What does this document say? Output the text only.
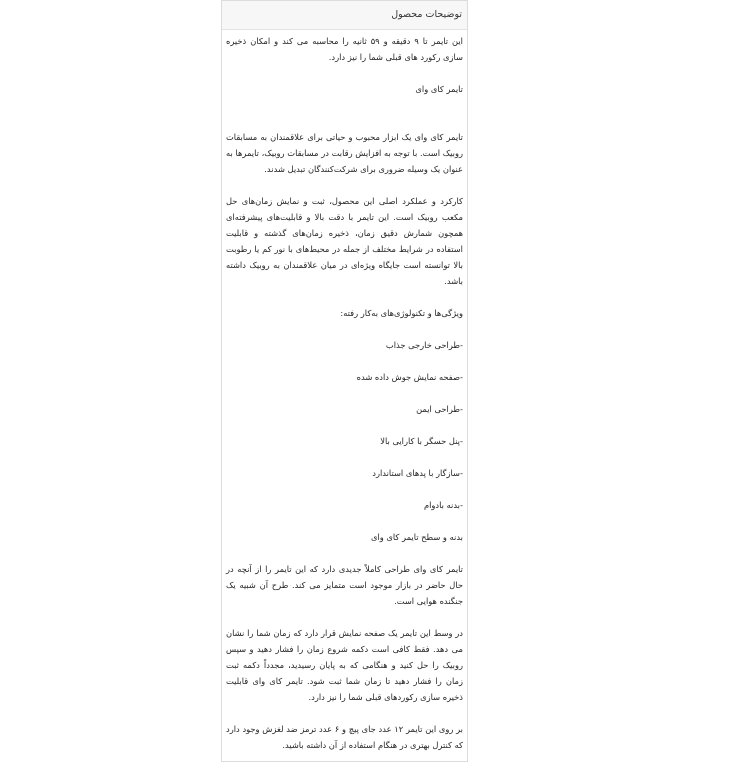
توضیحات محصول

این تایمر تا ۹ دقیقه و ۵۹ ثانیه را محاسبه می کند و امکان ذخیره سازی رکورد های قبلی شما را نیز دارد.

تایمر کای وای

تایمر کای وای یک ابزار محبوب و حیاتی برای علاقمندان به مسابقات روبیک است. با توجه به افزایش رقابت در مسابقات روبیک، تایمرها به عنوان یک وسیله ضروری برای شرکت‌کنندگان تبدیل شدند.

کارکرد و عملکرد اصلی این محصول، ثبت و نمایش زمان‌های حل مکعب روبیک است. این تایمر با دقت بالا و قابلیت‌های پیشرفته‌ای همچون شمارش دقیق زمان، ذخیره زمان‌های گذشته و قابلیت استفاده در شرایط مختلف از جمله در محیط‌های با نور کم یا رطوبت بالا توانسته است جایگاه ویژه‌ای در میان علاقمندان به روبیک داشته باشد.

ویژگی‌ها و تکنولوژی‌های به‌کار رفته:

-طراحی خارجی جذاب

-صفحه نمایش جوش داده شده

-طراحی ایمن

-پنل حسگر با کارایی بالا

-سازگار با پدهای استاندارد

-بدنه بادوام

بدنه و سطح تایمر کای وای

تایمر کای وای طراحی کاملاً جدیدی دارد که این تایمر را از آنچه در حال حاضر در بازار موجود است متمایز می کند. طرح آن شبیه یک جنگنده هوایی است.

در وسط این تایمر یک صفحه نمایش قرار دارد که زمان شما را نشان می دهد. فقط کافی است دکمه شروع زمان را فشار دهید و سپس روبیک را حل کنید و هنگامی که به پایان رسیدید، مجدداً دکمه ثبت زمان را فشار دهید تا زمان شما ثبت شود. تایمر کای وای قابلیت ذخیره سازی رکوردهای قبلی شما را نیز دارد.

بر روی این تایمر ۱۲ عدد جای پیچ و ۶ عدد ترمز ضد لغزش وجود دارد که کنترل بهتری در هنگام استفاده از آن داشته باشید.
